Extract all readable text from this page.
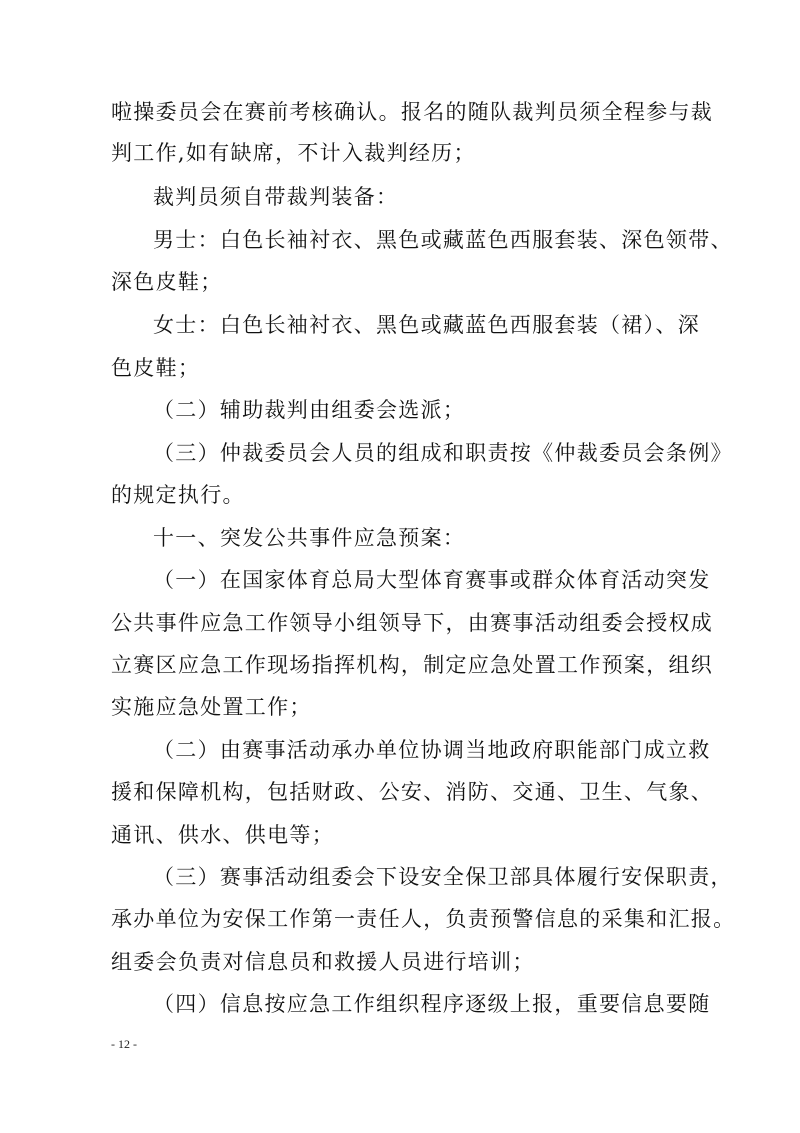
啦操委员会在赛前考核确认。报名的随队裁判员须全程参与裁
判工作,如有缺席，不计入裁判经历；
裁判员须自带裁判装备：
男士：白色长袖衬衣、黑色或藏蓝色西服套装、深色领带、
深色皮鞋；
女士：白色长袖衬衣、黑色或藏蓝色西服套装（裙）、深
色皮鞋；
（二）辅助裁判由组委会选派；
（三）仲裁委员会人员的组成和职责按《仲裁委员会条例》
的规定执行。
十一、突发公共事件应急预案：
（一）在国家体育总局大型体育赛事或群众体育活动突发
公共事件应急工作领导小组领导下，由赛事活动组委会授权成
立赛区应急工作现场指挥机构，制定应急处置工作预案，组织
实施应急处置工作；
（二）由赛事活动承办单位协调当地政府职能部门成立救
援和保障机构，包括财政、公安、消防、交通、卫生、气象、
通讯、供水、供电等；
（三）赛事活动组委会下设安全保卫部具体履行安保职责，
承办单位为安保工作第一责任人，负责预警信息的采集和汇报。
组委会负责对信息员和救援人员进行培训；
（四）信息按应急工作组织程序逐级上报，重要信息要随
- 12 -
